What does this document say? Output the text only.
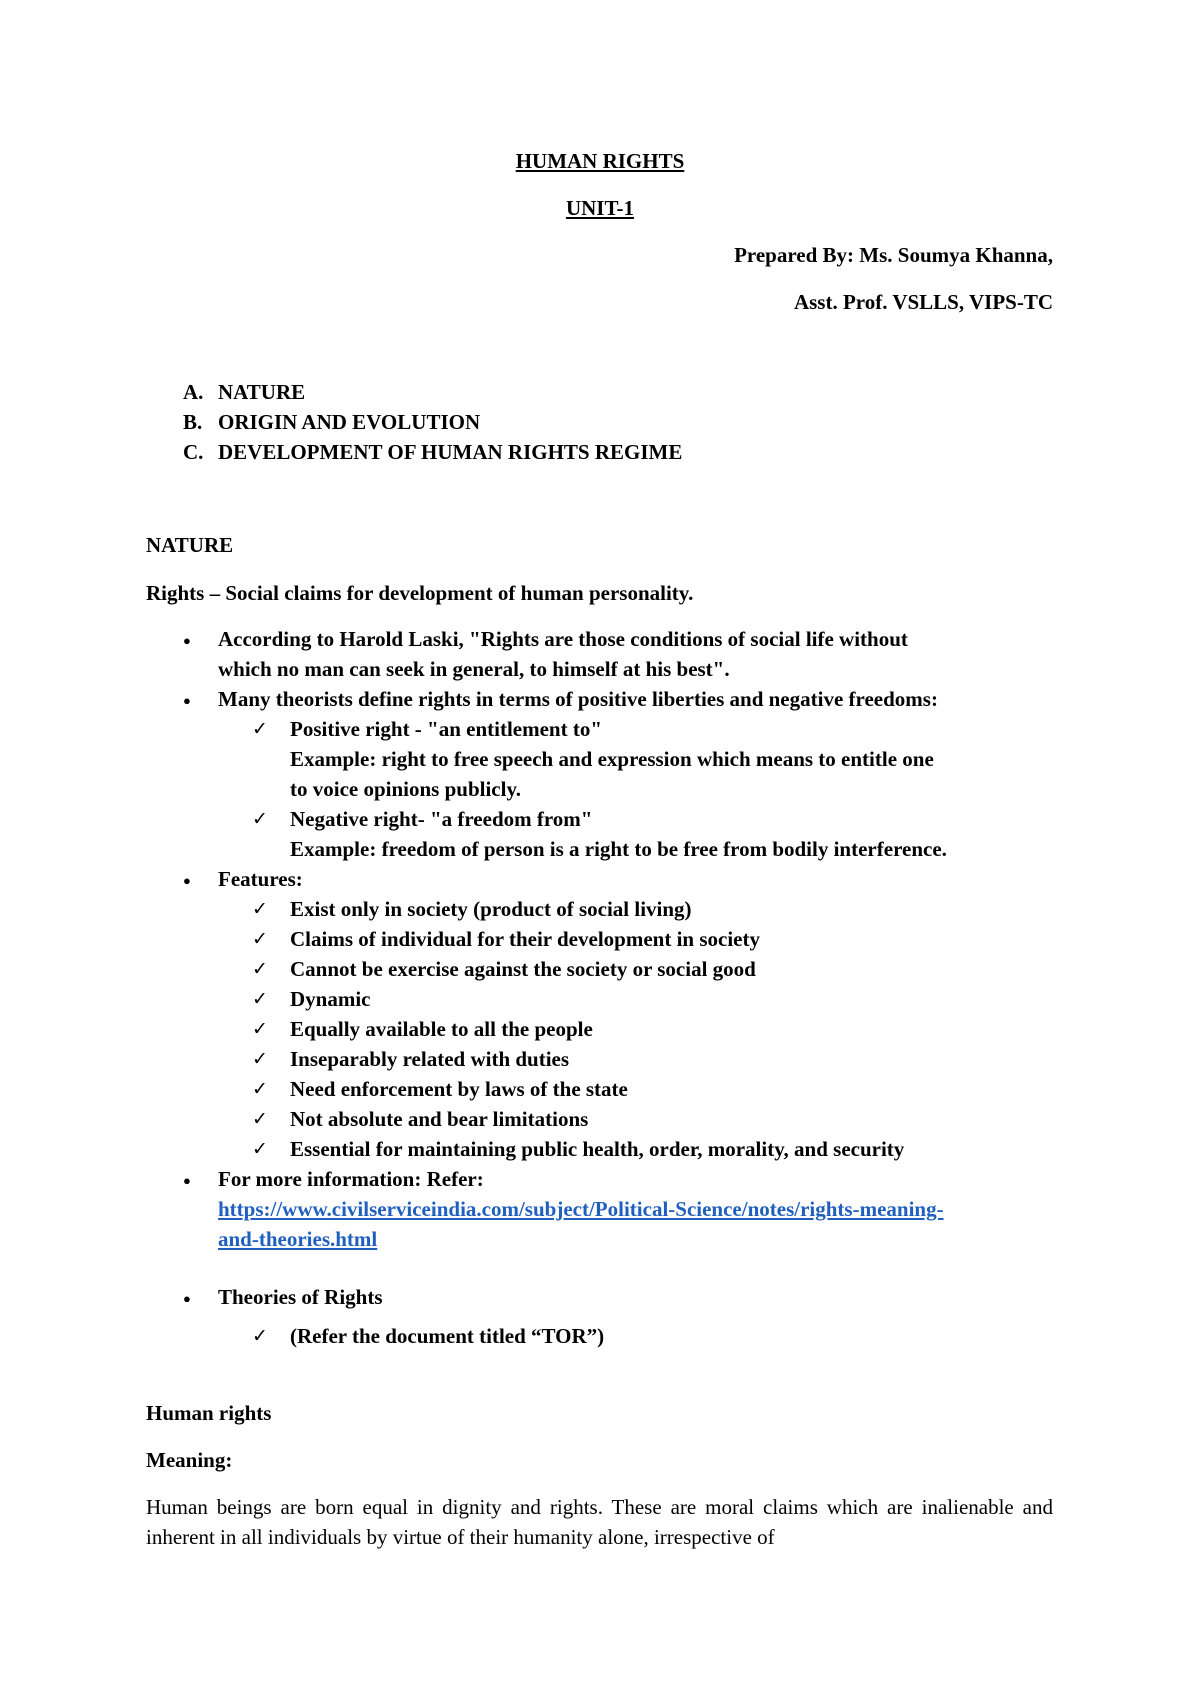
HUMAN RIGHTS
UNIT-1
Prepared By: Ms. Soumya Khanna,
Asst. Prof. VSLLS, VIPS-TC
A. NATURE
B. ORIGIN AND EVOLUTION
C. DEVELOPMENT OF HUMAN RIGHTS REGIME
NATURE
Rights – Social claims for development of human personality.
● According to Harold Laski, "Rights are those conditions of social life without
which no man can seek in general, to himself at his best".
● Many theorists define rights in terms of positive liberties and negative freedoms:
✓ Positive right - "an entitlement to"
Example: right to free speech and expression which means to entitle one
to voice opinions publicly.
✓ Negative right- "a freedom from"
Example: freedom of person is a right to be free from bodily interference.
● Features:
✓ Exist only in society (product of social living)
✓ Claims of individual for their development in society
✓ Cannot be exercise against the society or social good
✓ Dynamic
✓ Equally available to all the people
✓ Inseparably related with duties
✓ Need enforcement by laws of the state
✓ Not absolute and bear limitations
✓ Essential for maintaining public health, order, morality, and security
● For more information: Refer:
https://www.civilserviceindia.com/subject/Political-Science/notes/rights-meaning-
and-theories.html
● Theories of Rights
✓ (Refer the document titled “TOR”)
Human rights
Meaning:
Human beings are born equal in dignity and rights. These are moral claims which are inalienable and inherent in all individuals by virtue of their humanity alone, irrespective of
